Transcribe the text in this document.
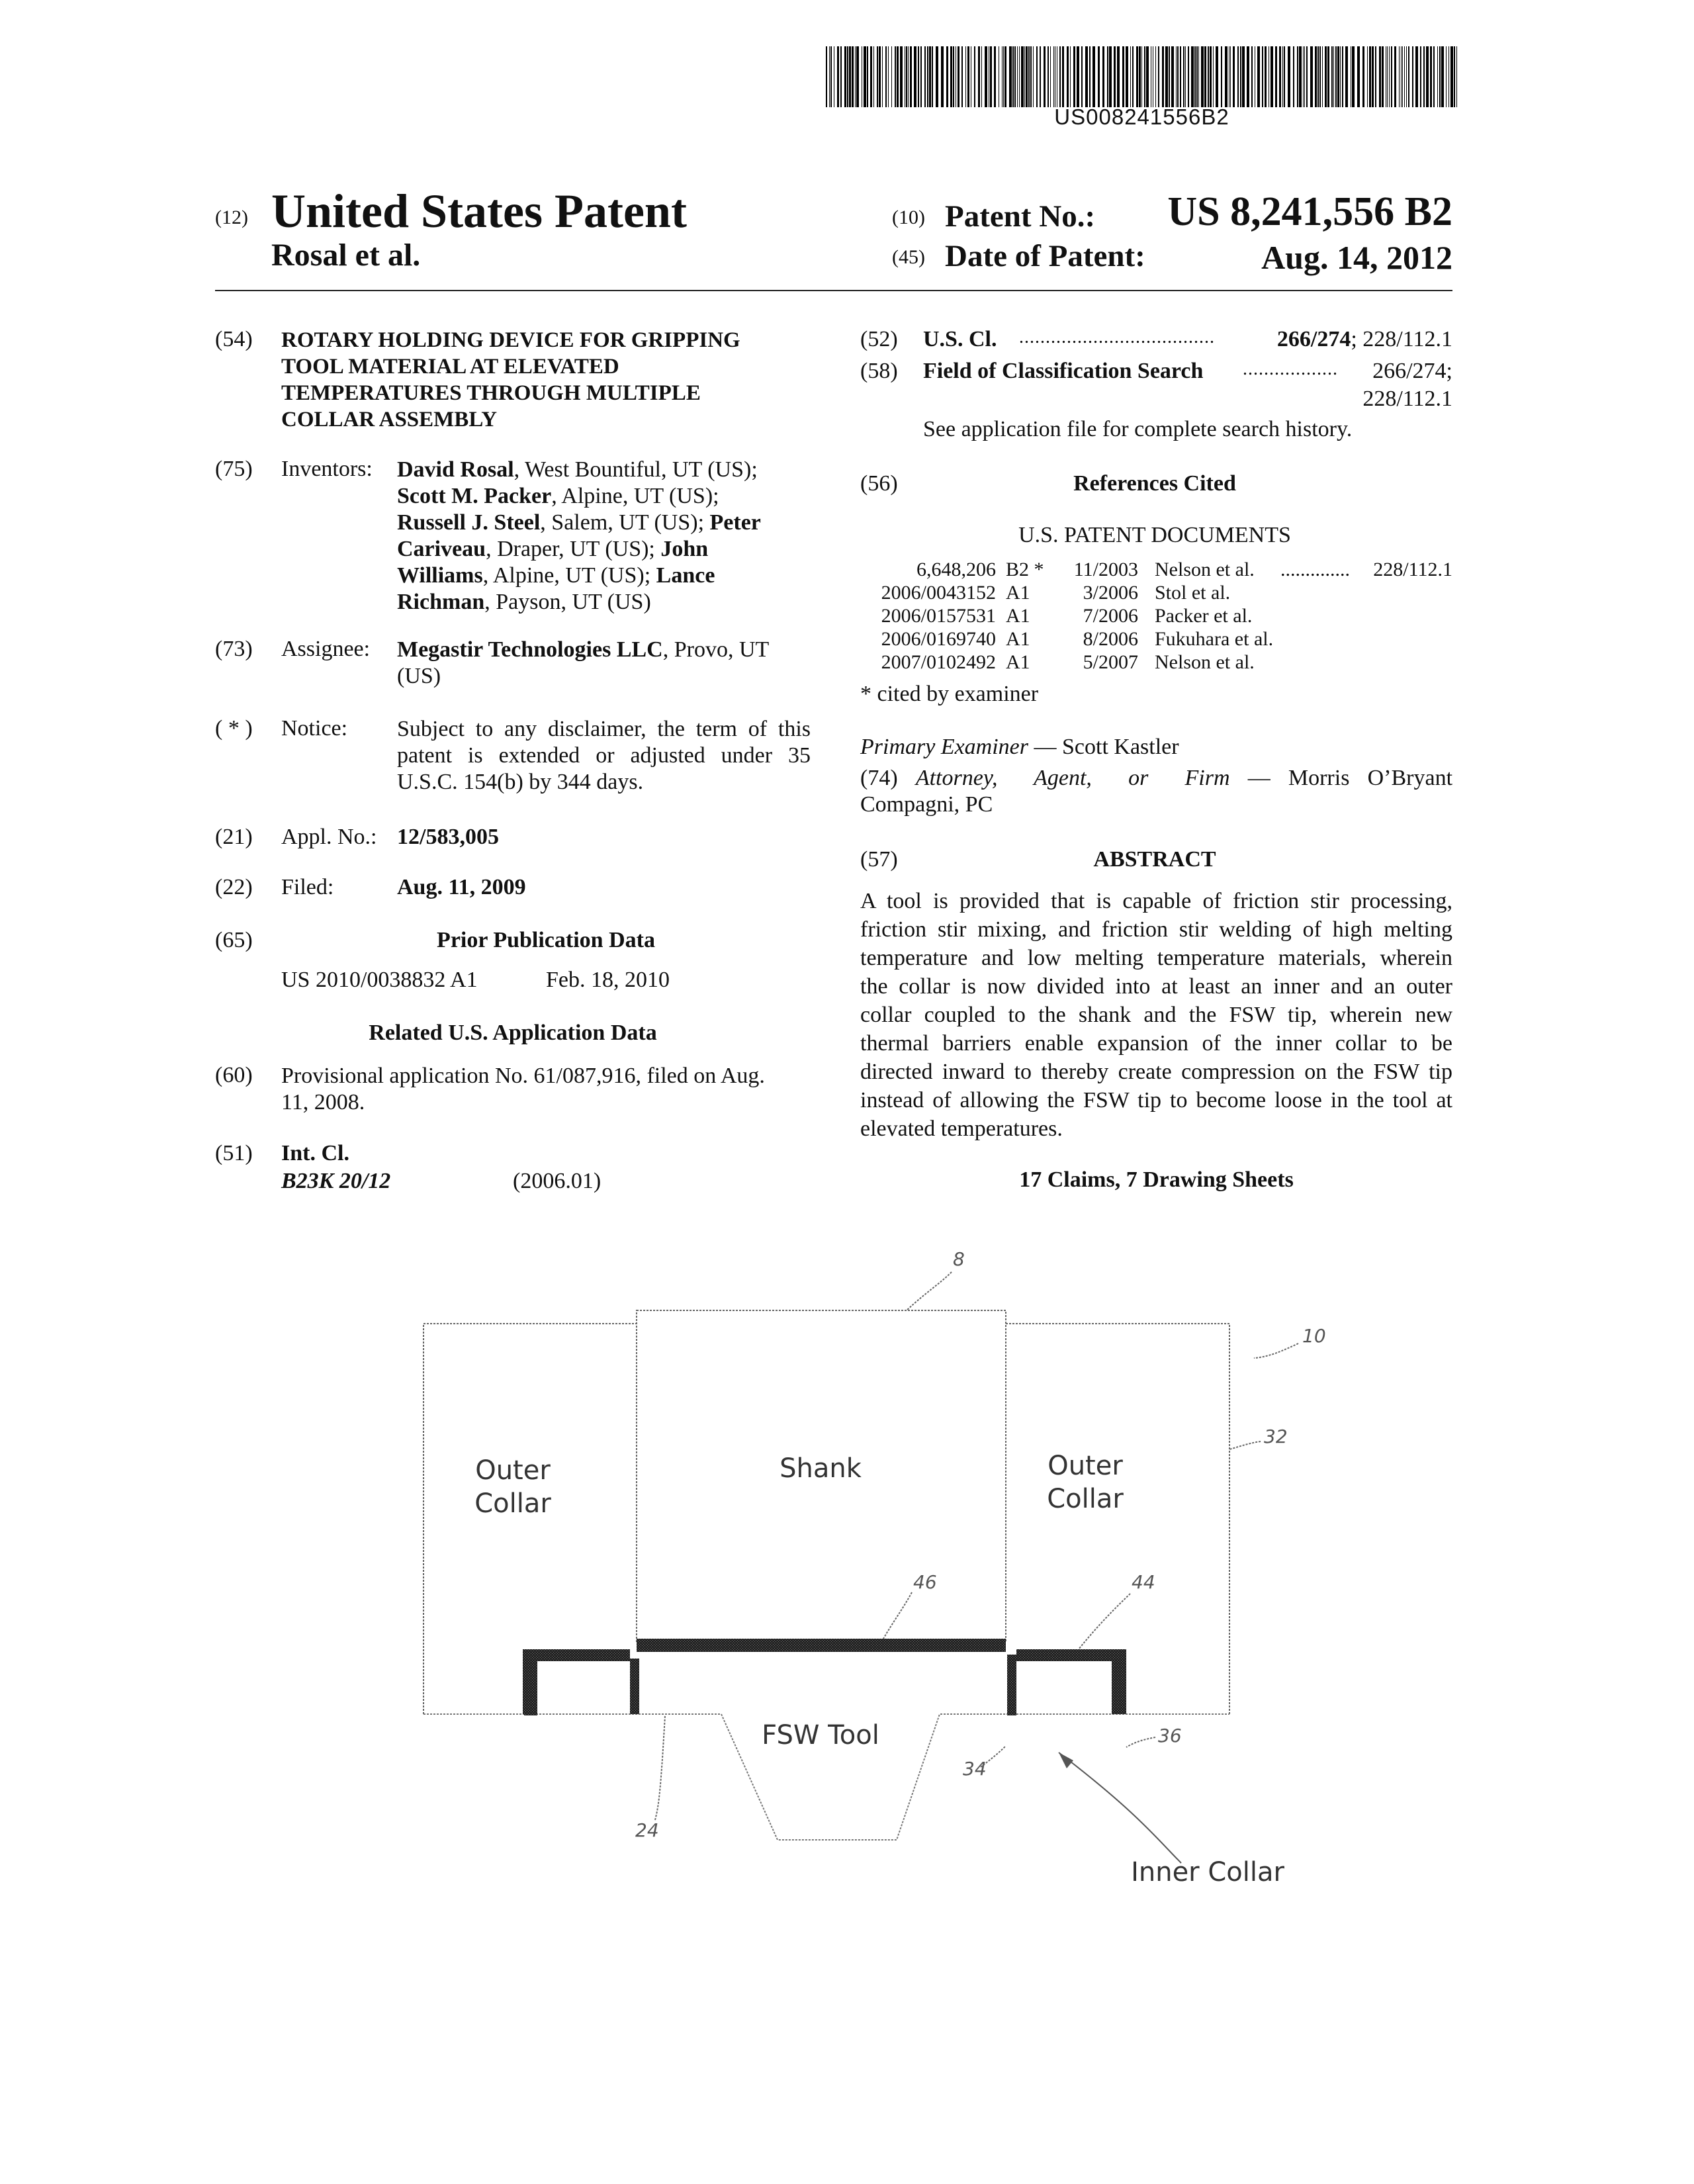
US008241556B2
(12) United States Patent
Rosal et al.
(10) Patent No.: US 8,241,556 B2
(45) Date of Patent:	Aug. 14, 2012
(54) ROTARY HOLDING DEVICE FOR GRIPPING
TOOL MATERIAL AT ELEVATED
TEMPERATURES THROUGH MULTIPLE
COLLAR ASSEMBLY
(75) Inventors: David Rosal, West Bountiful, UT (US);
Scott M. Packer, Alpine, UT (US);
Russell J. Steel, Salem, UT (US); Peter
Cariveau, Draper, UT (US); John
Williams, Alpine, UT (US); Lance
Richman, Payson, UT (US)
(73) Assignee: Megastir Technologies LLC, Provo, UT
(US)
( * ) Notice: Subject to any disclaimer, the term of this
patent is extended or adjusted under 35
U.S.C. 154(b) by 344 days.
(21) Appl. No.: 12/583,005
(22) Filed:	Aug. 11, 2009
(65)	Prior Publication Data
US 2010/0038832 A1	Feb. 18, 2010
Related U.S. Application Data
(60) Provisional application No. 61/087,916, filed on Aug.
11, 2008.
(51) Int. Cl.
B23K 20/12	(2006.01)
(52) U.S. Cl. .....................................	266/274; 228/112.1
(58) Field of Classification Search .................. 266/274;
228/112.1
See application file for complete search history.
(56)	References Cited
U.S. PATENT DOCUMENTS
6,648,206 B2 *	11/2003 Nelson et al.	..............	228/112.1
2006/0043152 A1	3/2006 Stol et al.
2006/0157531 A1	7/2006 Packer et al.
2006/0169740 A1	8/2006 Fukuhara et al.
2007/0102492 A1	5/2007 Nelson et al.
* cited by examiner
Primary Examiner — Scott Kastler
(74) Attorney, Agent, or Firm — Morris O’Bryant
Compagni, PC
(57)	ABSTRACT
A tool is provided that is capable of friction stir processing,
friction stir mixing, and friction stir welding of high melting
temperature and low melting temperature materials, wherein
the collar is now divided into at least an inner and an outer
collar coupled to the shank and the FSW tip, wherein new
thermal barriers enable expansion of the inner collar to be
directed inward to thereby create compression on the FSW tip
instead of allowing the FSW tip to become loose in the tool at
elevated temperatures.
17 Claims, 7 Drawing Sheets
Outer
Collar
Shank	Outer
Collar
FSW Tool
Inner Collar
8
10
32
46	44
34
36
24
